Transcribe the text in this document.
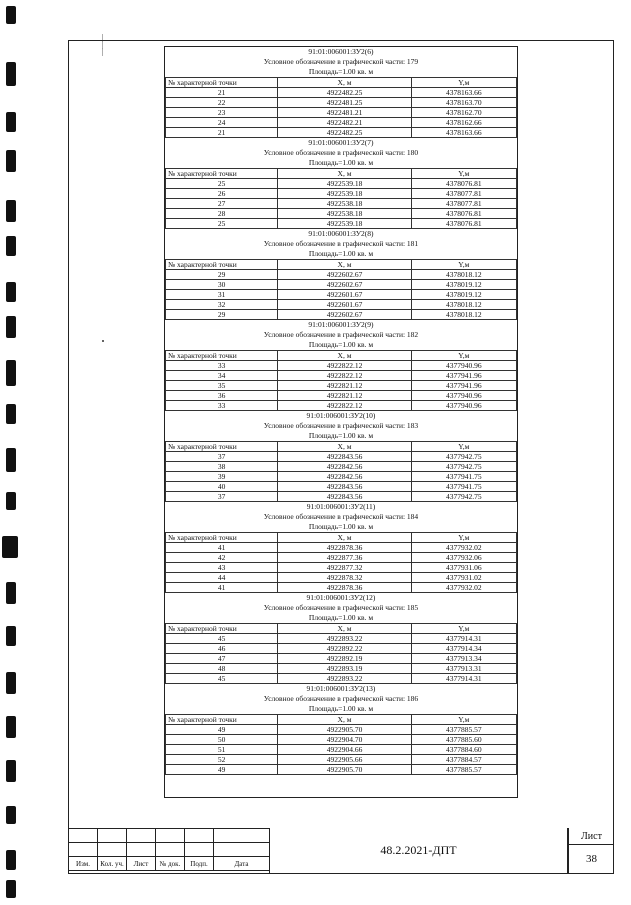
|
|
|	91:01:006001:ЗУ2(6)
Условное обозначение в графической части: 179
Площадь=1.00 кв. м
№ характерной точки	X, м	Y,м
21	4922482.25	4378163.66
22	4922481.25	4378163.70
23	4922481.21	4378162.70
24	4922482.21	4378162.66
21	4922482.25	4378163.66
91:01:006001:ЗУ2(7)
Условное обозначение в графической части: 180
Площадь=1.00 кв. м
№ характерной точки	X, м	Y,м
25	4922539.18	4378076.81
26	4922539.18	4378077.81
27	4922538.18	4378077.81
28	4922538.18	4378076.81
25	4922539.18	4378076.81
91:01:006001:ЗУ2(8)
Условное обозначение в графической части: 181
Площадь=1.00 кв. м
№ характерной точки	X, м	Y,м
29	4922602.67	4378018.12
30	4922602.67	4378019.12
31	4922601.67	4378019.12
32	4922601.67	4378018.12
29	4922602.67	4378018.12
91:01:006001:ЗУ2(9)
Условное обозначение в графической части: 182
Площадь=1.00 кв. м
№ характерной точки	X, м	Y,м
33	4922822.12	4377940.96
34	4922822.12	4377941.96
35	4922821.12	4377941.96
36	4922821.12	4377940.96
33	4922822.12	4377940.96
91:01:006001:ЗУ2(10)
Условное обозначение в графической части: 183
Площадь=1.00 кв. м
№ характерной точки	X, м	Y,м
37	4922843.56	4377942.75
38	4922842.56	4377942.75
39	4922842.56	4377941.75
40	4922843.56	4377941.75
37	4922843.56	4377942.75
91:01:006001:ЗУ2(11)
Условное обозначение в графической части: 184
Площадь=1.00 кв. м
№ характерной точки	X, м	Y,м
41	4922878.36	4377932.02
42	4922877.36	4377932.06
43	4922877.32	4377931.06
44	4922878.32	4377931.02
41	4922878.36	4377932.02
91:01:006001:ЗУ2(12)
Условное обозначение в графической части: 185
Площадь=1.00 кв. м
№ характерной точки	X, м	Y,м
45	4922893.22	4377914.31
46	4922892.22	4377914.34
47	4922892.19	4377913.34
48	4922893.19	4377913.31
45	4922893.22	4377914.31
91:01:006001:ЗУ2(13)
Условное обозначение в графической части: 186
Площадь=1.00 кв. м
№ характерной точки	X, м	Y,м
49	4922905.70	4377885.57
50	4922904.70	4377885.60
51	4922904.66	4377884.60
52	4922905.66	4377884.57
49	4922905.70	4377885.57

Изм.	Кол. уч.	Лист	№ док.	Подп.	Дата
48.2.2021-ДПТ
Лист
38
